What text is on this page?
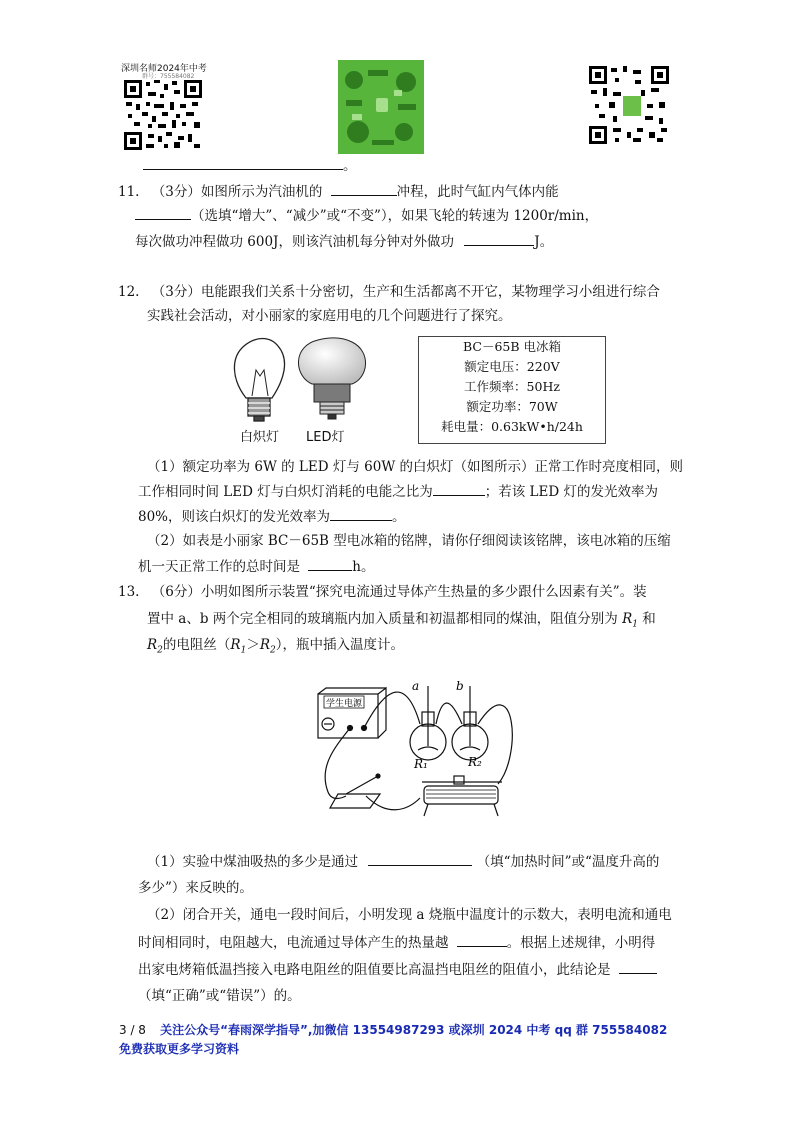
深圳名师2024年中考
群号：755584082
。
11. （3分）如图所示为汽油机的	冲程，此时气缸内气体内能
（选填“增大”、“减少”或“不变”），如果飞轮的转速为 1200r/min，
每次做功冲程做功 600J，则该汽油机每分钟对外做功	J。
12. （3分）电能跟我们关系十分密切，生产和生活都离不开它，某物理学习小组进行综合
实践社会活动，对小丽家的家庭用电的几个问题进行了探究。
白炽灯 LED灯
BC－65B 电冰箱
额定电压：220V
工作频率：50Hz
额定功率：70W
耗电量：0.63kW•h/24h
（1）额定功率为 6W 的 LED 灯与 60W 的白炽灯（如图所示）正常工作时亮度相同，则
工作相同时间 LED 灯与白炽灯消耗的电能之比为	；若该 LED 灯的发光效率为
80%，则该白炽灯的发光效率为	。
（2）如表是小丽家 BC－65B 型电冰箱的铭牌，请你仔细阅读该铭牌，该电冰箱的压缩
机一天正常工作的总时间是	h。
13. （6分）小明如图所示装置“探究电流通过导体产生热量的多少跟什么因素有关”。装
置中 a、b 两个完全相同的玻璃瓶内加入质量和初温都相同的煤油，阻值分别为 $R_1$ 和
$R_2$的电阻丝$(R_1>R_2)$，瓶中插入温度计。
学生电源
a	b
R₁	R₂
（1）实验中煤油吸热的多少是通过	（填“加热时间”或“温度升高的
多少”）来反映的。
（2）闭合开关，通电一段时间后，小明发现 a 烧瓶中温度计的示数大，表明电流和通电
时间相同时，电阻越大，电流通过导体产生的热量越	。根据上述规律，小明得
出家电烤箱低温挡接入电路电阻丝的阻值要比高温挡电阻丝的阻值小，此结论是
（填“正确”或“错误”）的。
3 / 8 关注公众号“春雨深学指导”,加微信 13554987293 或深圳 2024 中考 qq 群 755584082
免费获取更多学习资料
